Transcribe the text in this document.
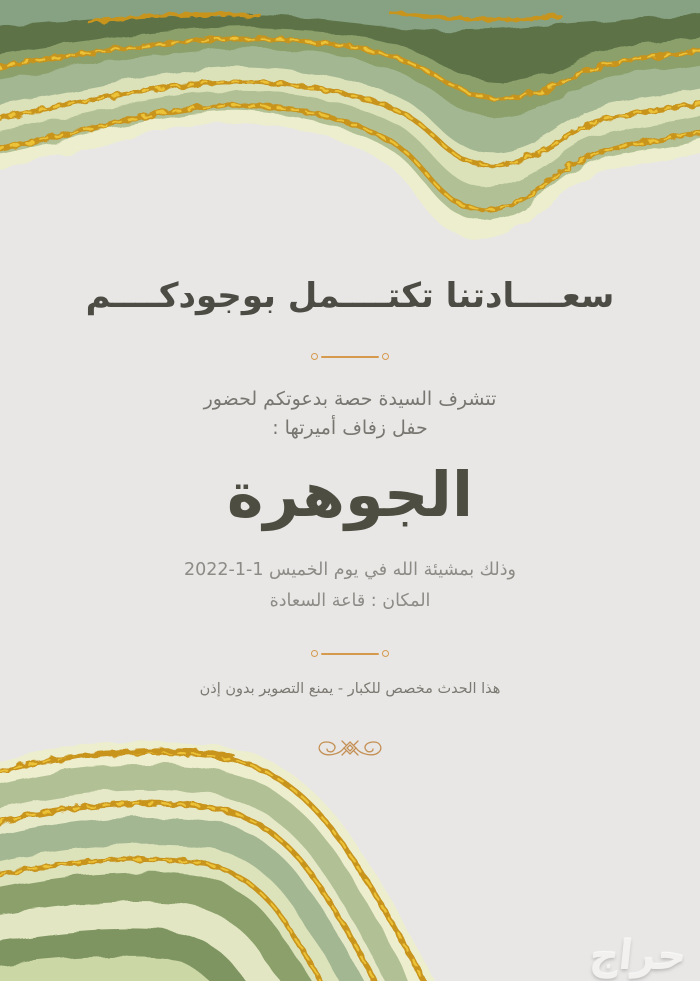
سعــــادتنا تكتــــمل بوجودكــــم
تتشرف السيدة حصة بدعوتكم لحضور
حفل زفاف أميرتها :
الجوهرة
وذلك بمشيئة الله في يوم الخميس 1-1-2022
المكان : قاعة السعادة
هذا الحدث مخصص للكبار - يمنع التصوير بدون إذن
حراج
